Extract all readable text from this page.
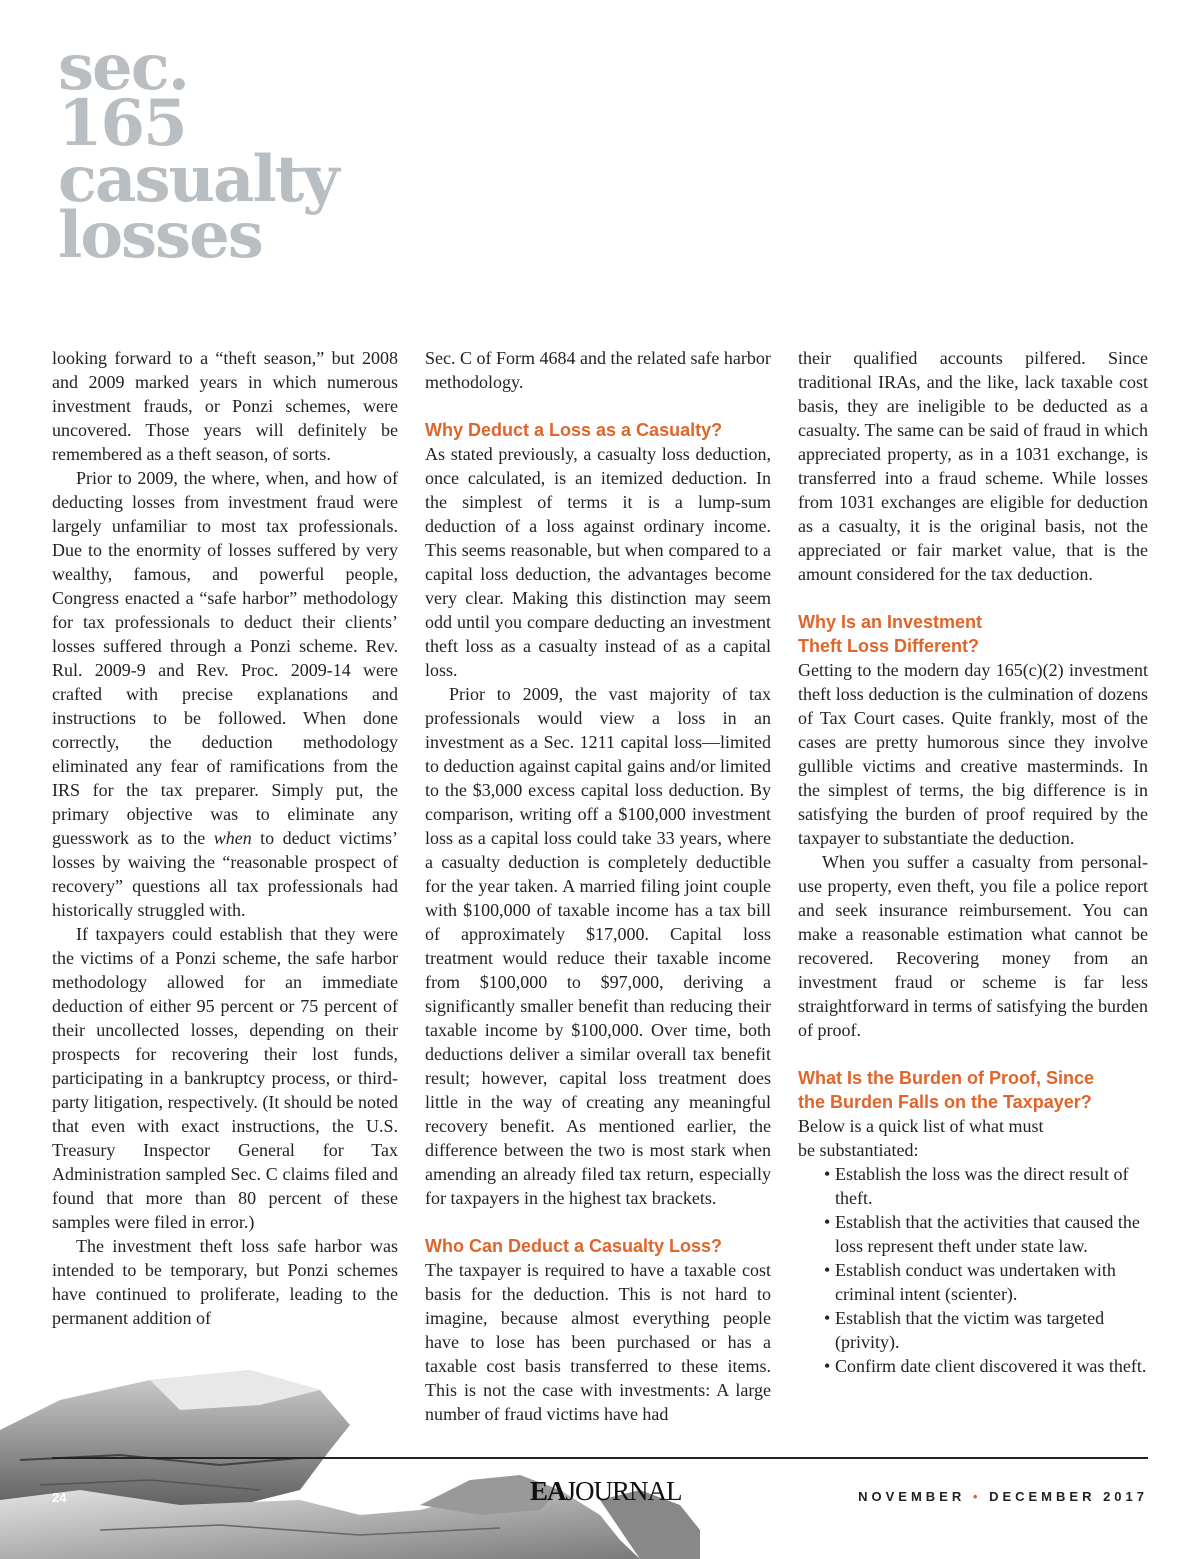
sec.
165
casualty
losses

looking forward to a “theft season,” but 2008 and 2009 marked years in which numerous investment frauds, or Ponzi schemes, were uncovered. Those years will definitely be remembered as a theft season, of sorts.

Prior to 2009, the where, when, and how of deducting losses from investment fraud were largely unfamiliar to most tax professionals. Due to the enormity of losses suffered by very wealthy, famous, and powerful people, Congress enacted a “safe harbor” methodology for tax professionals to deduct their clients’ losses suffered through a Ponzi scheme. Rev. Rul. 2009-9 and Rev. Proc. 2009-14 were crafted with precise explanations and instructions to be followed. When done correctly, the deduction methodology eliminated any fear of ramifications from the IRS for the tax preparer. Simply put, the primary objective was to eliminate any guesswork as to the when to deduct victims’ losses by waiving the “reasonable prospect of recovery” questions all tax professionals had historically struggled with.

If taxpayers could establish that they were the victims of a Ponzi scheme, the safe harbor methodology allowed for an immediate deduction of either 95 percent or 75 percent of their uncollected losses, depending on their prospects for recovering their lost funds, participating in a bankruptcy process, or third-party litigation, respectively. (It should be noted that even with exact instructions, the U.S. Treasury Inspector General for Tax Administration sampled Sec. C claims filed and found that more than 80 percent of these samples were filed in error.)

The investment theft loss safe harbor was intended to be temporary, but Ponzi schemes have continued to proliferate, leading to the permanent addition of

Sec. C of Form 4684 and the related safe harbor methodology.

Why Deduct a Loss as a Casualty?

As stated previously, a casualty loss deduction, once calculated, is an itemized deduction. In the simplest of terms it is a lump-sum deduction of a loss against ordinary income. This seems reasonable, but when compared to a capital loss deduction, the advantages become very clear. Making this distinction may seem odd until you compare deducting an investment theft loss as a casualty instead of as a capital loss.

Prior to 2009, the vast majority of tax professionals would view a loss in an investment as a Sec. 1211 capital loss—limited to deduction against capital gains and/or limited to the $3,000 excess capital loss deduction. By comparison, writing off a $100,000 investment loss as a capital loss could take 33 years, where a casualty deduction is completely deductible for the year taken. A married filing joint couple with $100,000 of taxable income has a tax bill of approximately $17,000. Capital loss treatment would reduce their taxable income from $100,000 to $97,000, deriving a significantly smaller benefit than reducing their taxable income by $100,000. Over time, both deductions deliver a similar overall tax benefit result; however, capital loss treatment does little in the way of creating any meaningful recovery benefit. As mentioned earlier, the difference between the two is most stark when amending an already filed tax return, especially for taxpayers in the highest tax brackets.

Who Can Deduct a Casualty Loss?

The taxpayer is required to have a taxable cost basis for the deduction. This is not hard to imagine, because almost everything people have to lose has been purchased or has a taxable cost basis transferred to these items. This is not the case with investments: A large number of fraud victims have had

their qualified accounts pilfered. Since traditional IRAs, and the like, lack taxable cost basis, they are ineligible to be deducted as a casualty. The same can be said of fraud in which appreciated property, as in a 1031 exchange, is transferred into a fraud scheme. While losses from 1031 exchanges are eligible for deduction as a casualty, it is the original basis, not the appreciated or fair market value, that is the amount considered for the tax deduction.

Why Is an Investment
Theft Loss Different?

Getting to the modern day 165(c)(2) investment theft loss deduction is the culmination of dozens of Tax Court cases. Quite frankly, most of the cases are pretty humorous since they involve gullible victims and creative masterminds. In the simplest of terms, the big difference is in satisfying the burden of proof required by the taxpayer to substantiate the deduction.

When you suffer a casualty from personal-use property, even theft, you file a police report and seek insurance reimbursement. You can make a reasonable estimation what cannot be recovered. Recovering money from an investment fraud or scheme is far less straightforward in terms of satisfying the burden of proof.

What Is the Burden of Proof, Since
the Burden Falls on the Taxpayer?

Below is a quick list of what must
be substantiated:

• Establish the loss was the direct result of theft.
• Establish that the activities that caused the loss represent theft under state law.
• Establish conduct was undertaken with criminal intent (scienter).
• Establish that the victim was targeted (privity).
• Confirm date client discovered it was theft.
24	EAJOURNAL	NOVEMBER • DECEMBER 2017
